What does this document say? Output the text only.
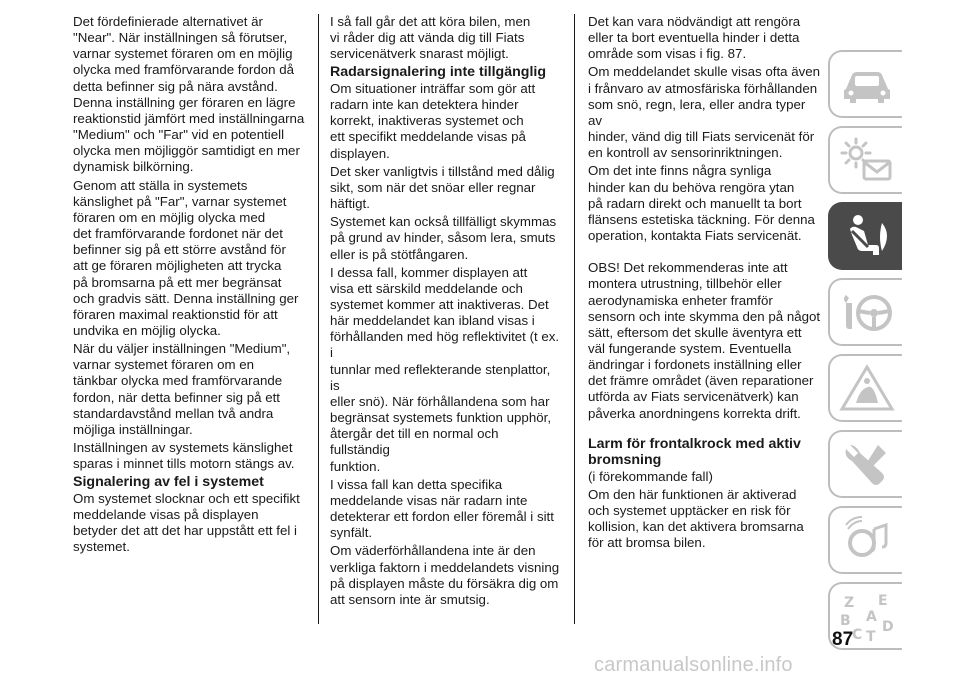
Det fördefinierade alternativet är
"Near". När inställningen så förutser,
varnar systemet föraren om en möjlig
olycka med framförvarande fordon då
detta befinner sig på nära avstånd.
Denna inställning ger föraren en lägre
reaktionstid jämfört med inställningarna
"Medium" och "Far" vid en potentiell
olycka men möjliggör samtidigt en mer
dynamisk bilkörning.

Genom att ställa in systemets
känslighet på "Far", varnar systemet
föraren om en möjlig olycka med
det framförvarande fordonet när det
befinner sig på ett större avstånd för
att ge föraren möjligheten att trycka
på bromsarna på ett mer begränsat
och gradvis sätt. Denna inställning ger
föraren maximal reaktionstid för att
undvika en möjlig olycka.

När du väljer inställningen "Medium",
varnar systemet föraren om en
tänkbar olycka med framförvarande
fordon, när detta befinner sig på ett
standardavstånd mellan två andra
möjliga inställningar.

Inställningen av systemets känslighet
sparas i minnet tills motorn stängs av.

Signalering av fel i systemet

Om systemet slocknar och ett specifikt
meddelande visas på displayen
betyder det att det har uppstått ett fel i
systemet.

I så fall går det att köra bilen, men
vi råder dig att vända dig till Fiats
servicenätverk snarast möjligt.

Radarsignalering inte tillgänglig

Om situationer inträffar som gör att
radarn inte kan detektera hinder
korrekt, inaktiveras systemet och
ett specifikt meddelande visas på
displayen.

Det sker vanligtvis i tillstånd med dålig
sikt, som när det snöar eller regnar
häftigt.

Systemet kan också tillfälligt skymmas
på grund av hinder, såsom lera, smuts
eller is på stötfångaren.

I dessa fall, kommer displayen att
visa ett särskild meddelande och
systemet kommer att inaktiveras. Det
här meddelandet kan ibland visas i
förhållanden med hög reflektivitet (t ex. i
tunnlar med reflekterande stenplattor, is
eller snö). När förhållandena som har
begränsat systemets funktion upphör,
återgår det till en normal och fullständig
funktion.

I vissa fall kan detta specifika
meddelande visas när radarn inte
detekterar ett fordon eller föremål i sitt
synfält.

Om väderförhållandena inte är den
verkliga faktorn i meddelandets visning
på displayen måste du försäkra dig om
att sensorn inte är smutsig.

Det kan vara nödvändigt att rengöra
eller ta bort eventuella hinder i detta
område som visas i fig. 87.

Om meddelandet skulle visas ofta även
i frånvaro av atmosfäriska förhållanden
som snö, regn, lera, eller andra typer av
hinder, vänd dig till Fiats servicenät för
en kontroll av sensorinriktningen.

Om det inte finns några synliga
hinder kan du behöva rengöra ytan
på radarn direkt och manuellt ta bort
flänsens estetiska täckning. För denna
operation, kontakta Fiats servicenät.

OBS! Det rekommenderas inte att
montera utrustning, tillbehör eller
aerodynamiska enheter framför
sensorn och inte skymma den på något
sätt, eftersom det skulle äventyra ett
väl fungerande system. Eventuella
ändringar i fordonets inställning eller
det främre området (även reparationer
utförda av Fiats servicenätverk) kan
påverka anordningens korrekta drift.

Larm för frontalkrock med aktiv
bromsning

(i förekommande fall)

Om den här funktionen är aktiverad
och systemet upptäcker en risk för
kollision, kan det aktivera bromsarna
för att bromsa bilen.

Z E
B A
C T
D
87
carmanualsonline.info
